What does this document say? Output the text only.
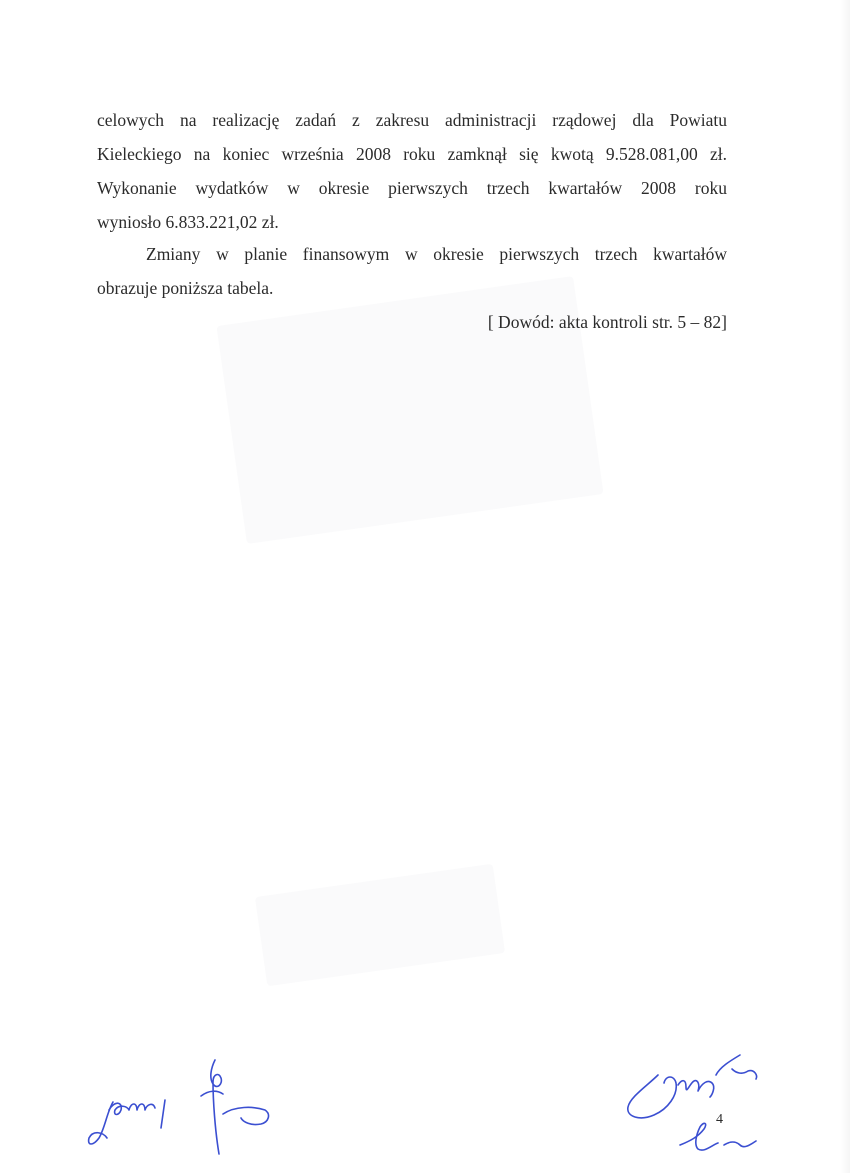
celowych na realizację zadań z zakresu administracji rządowej dla Powiatu
Kieleckiego na koniec września 2008 roku zamknął się kwotą 9.528.081,00 zł.
Wykonanie wydatków w okresie pierwszych trzech kwartałów 2008 roku
wyniosło 6.833.221,02 zł.
Zmiany w planie finansowym w okresie pierwszych trzech kwartałów
obrazuje poniższa tabela.
[ Dowód: akta kontroli str. 5 – 82]
4
